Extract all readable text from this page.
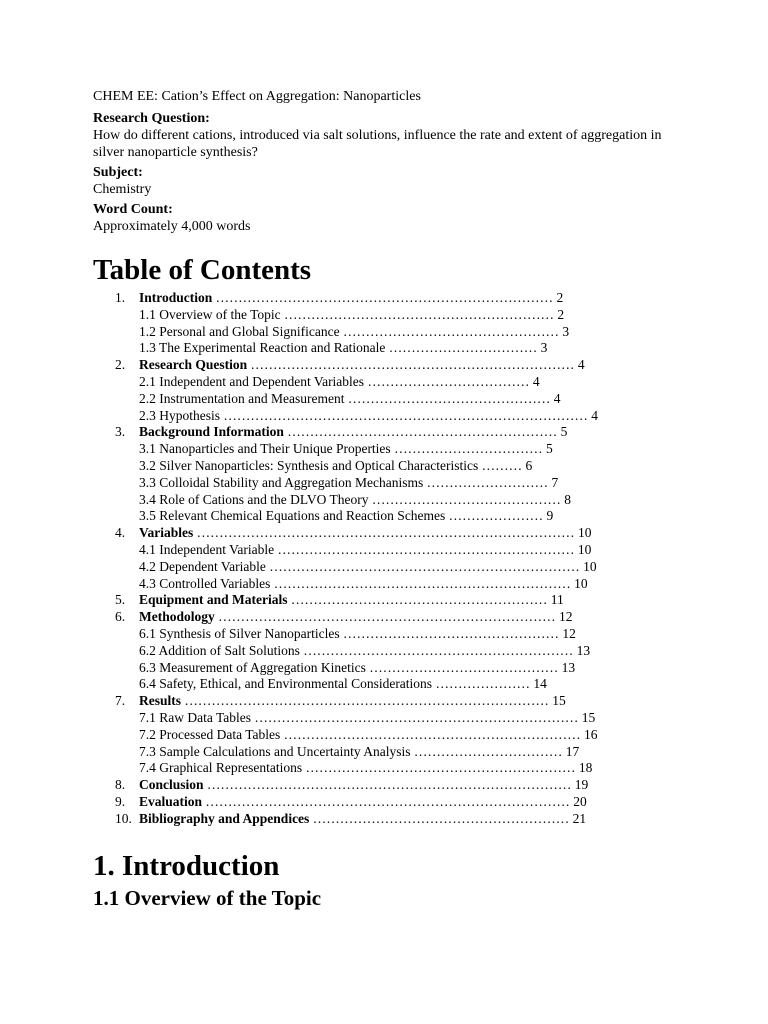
CHEM EE: Cation’s Effect on Aggregation: Nanoparticles

Research Question:

How do different cations, introduced via salt solutions, influence the rate and extent of aggregation in silver nanoparticle synthesis?

Subject:

Chemistry

Word Count:

Approximately 4,000 words

Table of Contents
1. Introduction ………………………………………………………………… 2
1.1 Overview of the Topic …………………………………………………… 2
1.2 Personal and Global Significance ………………………………………… 3
1.3 The Experimental Reaction and Rationale …………………………… 3
2. Research Question ……………………………………………………………… 4
2.1 Independent and Dependent Variables ……………………………… 4
2.2 Instrumentation and Measurement ……………………………………… 4
2.3 Hypothesis ……………………………………………………………………… 4
3. Background Information …………………………………………………… 5
3.1 Nanoparticles and Their Unique Properties …………………………… 5
3.2 Silver Nanoparticles: Synthesis and Optical Characteristics ……… 6
3.3 Colloidal Stability and Aggregation Mechanisms ……………………… 7
3.4 Role of Cations and the DLVO Theory …………………………………… 8
3.5 Relevant Chemical Equations and Reaction Schemes ………………… 9
4. Variables ………………………………………………………………………… 10
4.1 Independent Variable ………………………………………………………… 10
4.2 Dependent Variable …………………………………………………………… 10
4.3 Controlled Variables ………………………………………………………… 10
5. Equipment and Materials ………………………………………………… 11
6. Methodology ………………………………………………………………… 12
6.1 Synthesis of Silver Nanoparticles ………………………………………… 12
6.2 Addition of Salt Solutions …………………………………………………… 13
6.3 Measurement of Aggregation Kinetics …………………………………… 13
6.4 Safety, Ethical, and Environmental Considerations ………………… 14
7. Results ……………………………………………………………………… 15
7.1 Raw Data Tables ……………………………………………………………… 15
7.2 Processed Data Tables ………………………………………………………… 16
7.3 Sample Calculations and Uncertainty Analysis …………………………… 17
7.4 Graphical Representations …………………………………………………… 18
8. Conclusion ……………………………………………………………………… 19
9. Evaluation ……………………………………………………………………… 20
10. Bibliography and Appendices ………………………………………………… 21
1. Introduction
1.1 Overview of the Topic
